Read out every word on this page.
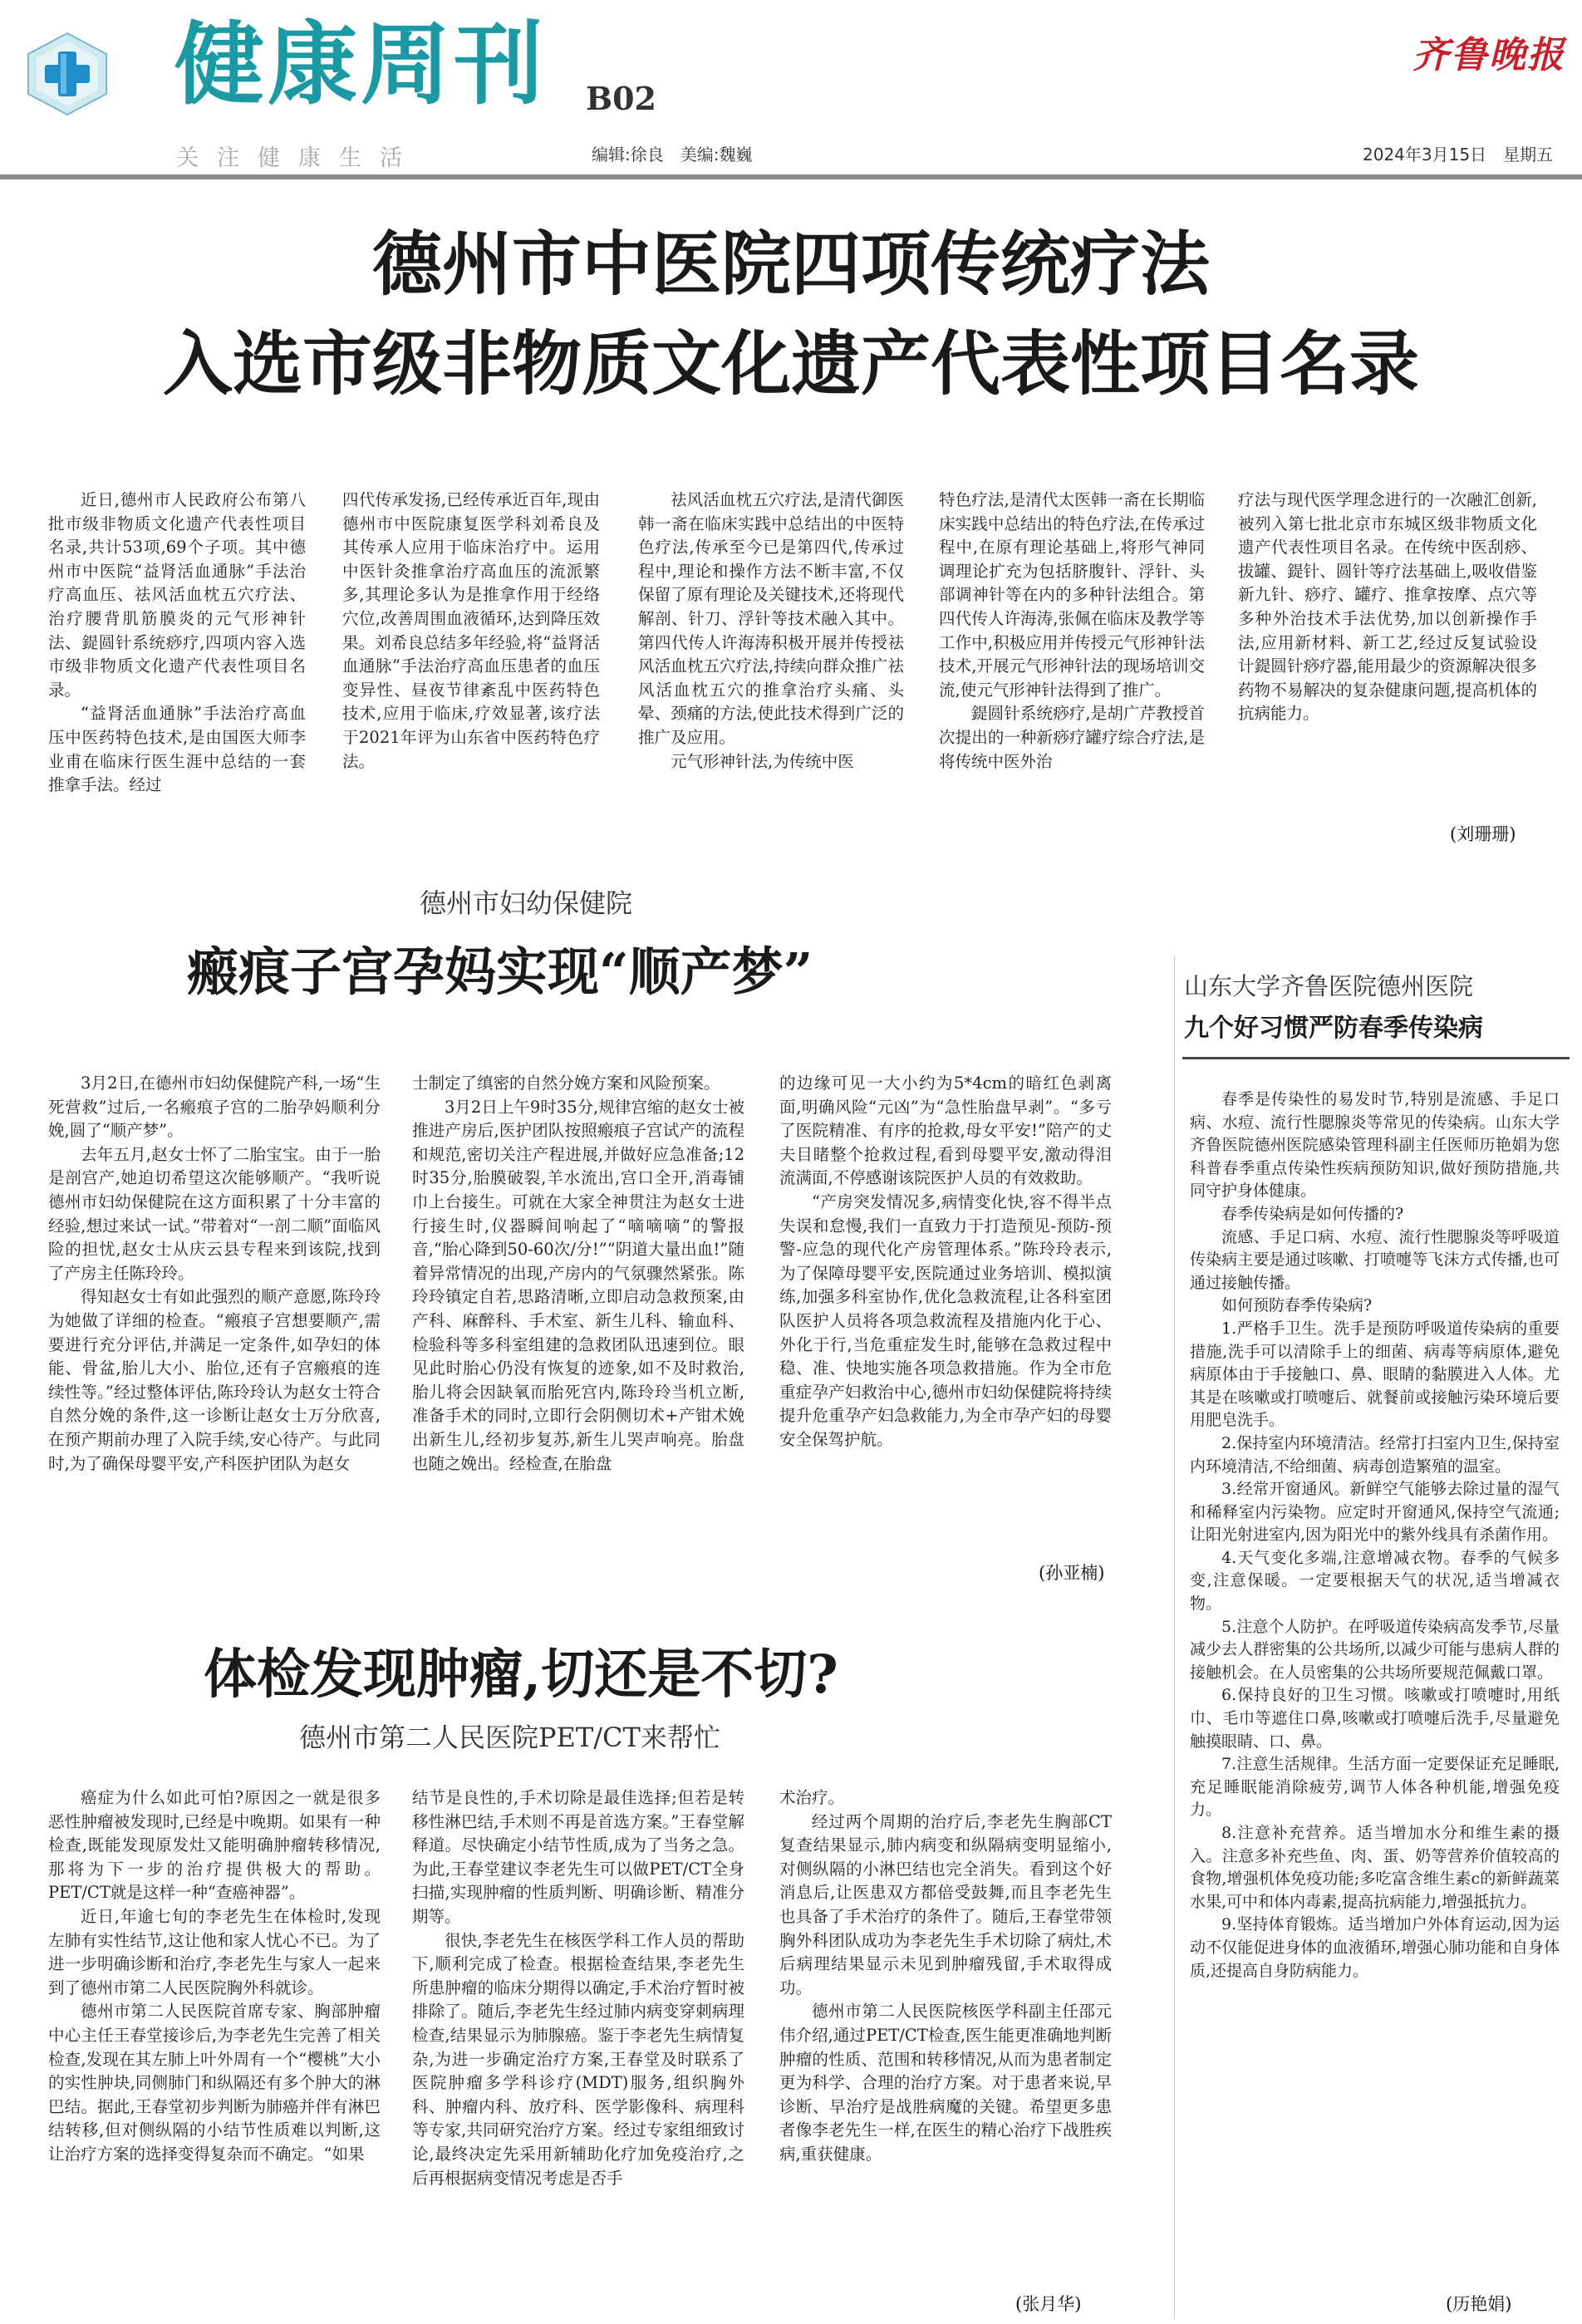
健康周刊 B02
齐鲁晚报
关注健康生活	编辑:徐良　美编:魏巍	2024年3月15日　星期五
德州市中医院四项传统疗法
入选市级非物质文化遗产代表性项目名录

近日,德州市人民政府公布第八批市级非物质文化遗产代表性项目名录,共计53项,69个子项。其中德州市中医院“益肾活血通脉”手法治疗高血压、祛风活血枕五穴疗法、治疗腰背肌筋膜炎的元气形神针法、鍉圆针系统痧疗,四项内容入选市级非物质文化遗产代表性项目名录。

“益肾活血通脉”手法治疗高血压中医药特色技术,是由国医大师李业甫在临床行医生涯中总结的一套推拿手法。经过

四代传承发扬,已经传承近百年,现由德州市中医院康复医学科刘希良及其传承人应用于临床治疗中。运用中医针灸推拿治疗高血压的流派繁多,其理论多认为是推拿作用于经络穴位,改善周围血液循环,达到降压效果。刘希良总结多年经验,将“益肾活血通脉”手法治疗高血压患者的血压变异性、昼夜节律紊乱中医药特色技术,应用于临床,疗效显著,该疗法于2021年评为山东省中医药特色疗法。

祛风活血枕五穴疗法,是清代御医韩一斋在临床实践中总结出的中医特色疗法,传承至今已是第四代,传承过程中,理论和操作方法不断丰富,不仅保留了原有理论及关键技术,还将现代解剖、针刀、浮针等技术融入其中。第四代传人许海涛积极开展并传授祛风活血枕五穴疗法,持续向群众推广祛风活血枕五穴的推拿治疗头痛、头晕、颈痛的方法,使此技术得到广泛的推广及应用。

元气形神针法,为传统中医

特色疗法,是清代太医韩一斋在长期临床实践中总结出的特色疗法,在传承过程中,在原有理论基础上,将形气神同调理论扩充为包括脐腹针、浮针、头部调神针等在内的多种针法组合。第四代传人许海涛,张佩在临床及教学等工作中,积极应用并传授元气形神针法技术,开展元气形神针法的现场培训交流,使元气形神针法得到了推广。

鍉圆针系统痧疗,是胡广芹教授首次提出的一种新痧疗罐疗综合疗法,是将传统中医外治

疗法与现代医学理念进行的一次融汇创新,被列入第七批北京市东城区级非物质文化遗产代表性项目名录。在传统中医刮痧、拔罐、鍉针、圆针等疗法基础上,吸收借鉴新九针、痧疗、罐疗、推拿按摩、点穴等多种外治技术手法优势,加以创新操作手法,应用新材料、新工艺,经过反复试验设计鍉圆针痧疗器,能用最少的资源解决很多药物不易解决的复杂健康问题,提高机体的抗病能力。

(刘珊珊)
德州市妇幼保健院
瘢痕子宫孕妈实现“顺产梦”

3月2日,在德州市妇幼保健院产科,一场“生死营救”过后,一名瘢痕子宫的二胎孕妈顺利分娩,圆了“顺产梦”。

去年五月,赵女士怀了二胎宝宝。由于一胎是剖宫产,她迫切希望这次能够顺产。“我听说德州市妇幼保健院在这方面积累了十分丰富的经验,想过来试一试。”带着对“一剖二顺”面临风险的担忧,赵女士从庆云县专程来到该院,找到了产房主任陈玲玲。

得知赵女士有如此强烈的顺产意愿,陈玲玲为她做了详细的检查。“瘢痕子宫想要顺产,需要进行充分评估,并满足一定条件,如孕妇的体能、骨盆,胎儿大小、胎位,还有子宫瘢痕的连续性等。”经过整体评估,陈玲玲认为赵女士符合自然分娩的条件,这一诊断让赵女士万分欣喜,在预产期前办理了入院手续,安心待产。与此同时,为了确保母婴平安,产科医护团队为赵女

士制定了缜密的自然分娩方案和风险预案。

3月2日上午9时35分,规律宫缩的赵女士被推进产房后,医护团队按照瘢痕子宫试产的流程和规范,密切关注产程进展,并做好应急准备;12时35分,胎膜破裂,羊水流出,宫口全开,消毒铺巾上台接生。可就在大家全神贯注为赵女士进行接生时,仪器瞬间响起了“嘀嘀嘀”的警报音,“胎心降到50-60次/分!”“阴道大量出血!”随着异常情况的出现,产房内的气氛骤然紧张。陈玲玲镇定自若,思路清晰,立即启动急救预案,由产科、麻醉科、手术室、新生儿科、输血科、检验科等多科室组建的急救团队迅速到位。眼见此时胎心仍没有恢复的迹象,如不及时救治,胎儿将会因缺氧而胎死宫内,陈玲玲当机立断,准备手术的同时,立即行会阴侧切术+产钳术娩出新生儿,经初步复苏,新生儿哭声响亮。胎盘也随之娩出。经检查,在胎盘

的边缘可见一大小约为5*4cm的暗红色剥离面,明确风险“元凶”为“急性胎盘早剥”。“多亏了医院精准、有序的抢救,母女平安!”陪产的丈夫目睹整个抢救过程,看到母婴平安,激动得泪流满面,不停感谢该院医护人员的有效救助。

“产房突发情况多,病情变化快,容不得半点失误和怠慢,我们一直致力于打造预见-预防-预警-应急的现代化产房管理体系。”陈玲玲表示,为了保障母婴平安,医院通过业务培训、模拟演练,加强多科室协作,优化急救流程,让各科室团队医护人员将各项急救流程及措施内化于心、外化于行,当危重症发生时,能够在急救过程中稳、准、快地实施各项急救措施。作为全市危重症孕产妇救治中心,德州市妇幼保健院将持续提升危重孕产妇急救能力,为全市孕产妇的母婴安全保驾护航。

(孙亚楠)
体检发现肿瘤,切还是不切?
德州市第二人民医院PET/CT来帮忙

癌症为什么如此可怕?原因之一就是很多恶性肿瘤被发现时,已经是中晚期。如果有一种检查,既能发现原发灶又能明确肿瘤转移情况,那将为下一步的治疗提供极大的帮助。PET/CT就是这样一种“查癌神器”。

近日,年逾七旬的李老先生在体检时,发现左肺有实性结节,这让他和家人忧心不已。为了进一步明确诊断和治疗,李老先生与家人一起来到了德州市第二人民医院胸外科就诊。

德州市第二人民医院首席专家、胸部肿瘤中心主任王春堂接诊后,为李老先生完善了相关检查,发现在其左肺上叶外周有一个“樱桃”大小的实性肿块,同侧肺门和纵隔还有多个肿大的淋巴结。据此,王春堂初步判断为肺癌并伴有淋巴结转移,但对侧纵隔的小结节性质难以判断,这让治疗方案的选择变得复杂而不确定。“如果

结节是良性的,手术切除是最佳选择;但若是转移性淋巴结,手术则不再是首选方案。”王春堂解释道。尽快确定小结节性质,成为了当务之急。为此,王春堂建议李老先生可以做PET/CT全身扫描,实现肿瘤的性质判断、明确诊断、精准分期等。

很快,李老先生在核医学科工作人员的帮助下,顺利完成了检查。根据检查结果,李老先生所患肿瘤的临床分期得以确定,手术治疗暂时被排除了。随后,李老先生经过肺内病变穿刺病理检查,结果显示为肺腺癌。鉴于李老先生病情复杂,为进一步确定治疗方案,王春堂及时联系了医院肿瘤多学科诊疗(MDT)服务,组织胸外科、肿瘤内科、放疗科、医学影像科、病理科等专家,共同研究治疗方案。经过专家组细致讨论,最终决定先采用新辅助化疗加免疫治疗,之后再根据病变情况考虑是否手

术治疗。

经过两个周期的治疗后,李老先生胸部CT复查结果显示,肺内病变和纵隔病变明显缩小,对侧纵隔的小淋巴结也完全消失。看到这个好消息后,让医患双方都倍受鼓舞,而且李老先生也具备了手术治疗的条件了。随后,王春堂带领胸外科团队成功为李老先生手术切除了病灶,术后病理结果显示未见到肿瘤残留,手术取得成功。

德州市第二人民医院核医学科副主任邵元伟介绍,通过PET/CT检查,医生能更准确地判断肿瘤的性质、范围和转移情况,从而为患者制定更为科学、合理的治疗方案。对于患者来说,早诊断、早治疗是战胜病魔的关键。希望更多患者像李老先生一样,在医生的精心治疗下战胜疾病,重获健康。

(张月华)
山东大学齐鲁医院德州医院
九个好习惯严防春季传染病

春季是传染性的易发时节,特别是流感、手足口病、水痘、流行性腮腺炎等常见的传染病。山东大学齐鲁医院德州医院感染管理科副主任医师历艳娟为您科普春季重点传染性疾病预防知识,做好预防措施,共同守护身体健康。

春季传染病是如何传播的?

流感、手足口病、水痘、流行性腮腺炎等呼吸道传染病主要是通过咳嗽、打喷嚏等飞沫方式传播,也可通过接触传播。

如何预防春季传染病?

1.严格手卫生。洗手是预防呼吸道传染病的重要措施,洗手可以清除手上的细菌、病毒等病原体,避免病原体由于手接触口、鼻、眼睛的黏膜进入人体。尤其是在咳嗽或打喷嚏后、就餐前或接触污染环境后要用肥皂洗手。

2.保持室内环境清洁。经常打扫室内卫生,保持室内环境清洁,不给细菌、病毒创造繁殖的温室。

3.经常开窗通风。新鲜空气能够去除过量的湿气和稀释室内污染物。应定时开窗通风,保持空气流通;让阳光射进室内,因为阳光中的紫外线具有杀菌作用。

4.天气变化多端,注意增减衣物。春季的气候多变,注意保暖。一定要根据天气的状况,适当增减衣物。

5.注意个人防护。在呼吸道传染病高发季节,尽量减少去人群密集的公共场所,以减少可能与患病人群的接触机会。在人员密集的公共场所要规范佩戴口罩。

6.保持良好的卫生习惯。咳嗽或打喷嚏时,用纸巾、毛巾等遮住口鼻,咳嗽或打喷嚏后洗手,尽量避免触摸眼睛、口、鼻。

7.注意生活规律。生活方面一定要保证充足睡眠,充足睡眠能消除疲劳,调节人体各种机能,增强免疫力。

8.注意补充营养。适当增加水分和维生素的摄入。注意多补充些鱼、肉、蛋、奶等营养价值较高的食物,增强机体免疫功能;多吃富含维生素c的新鲜蔬菜水果,可中和体内毒素,提高抗病能力,增强抵抗力。

9.坚持体育锻炼。适当增加户外体育运动,因为运动不仅能促进身体的血液循环,增强心肺功能和自身体质,还提高自身防病能力。

(历艳娟)
